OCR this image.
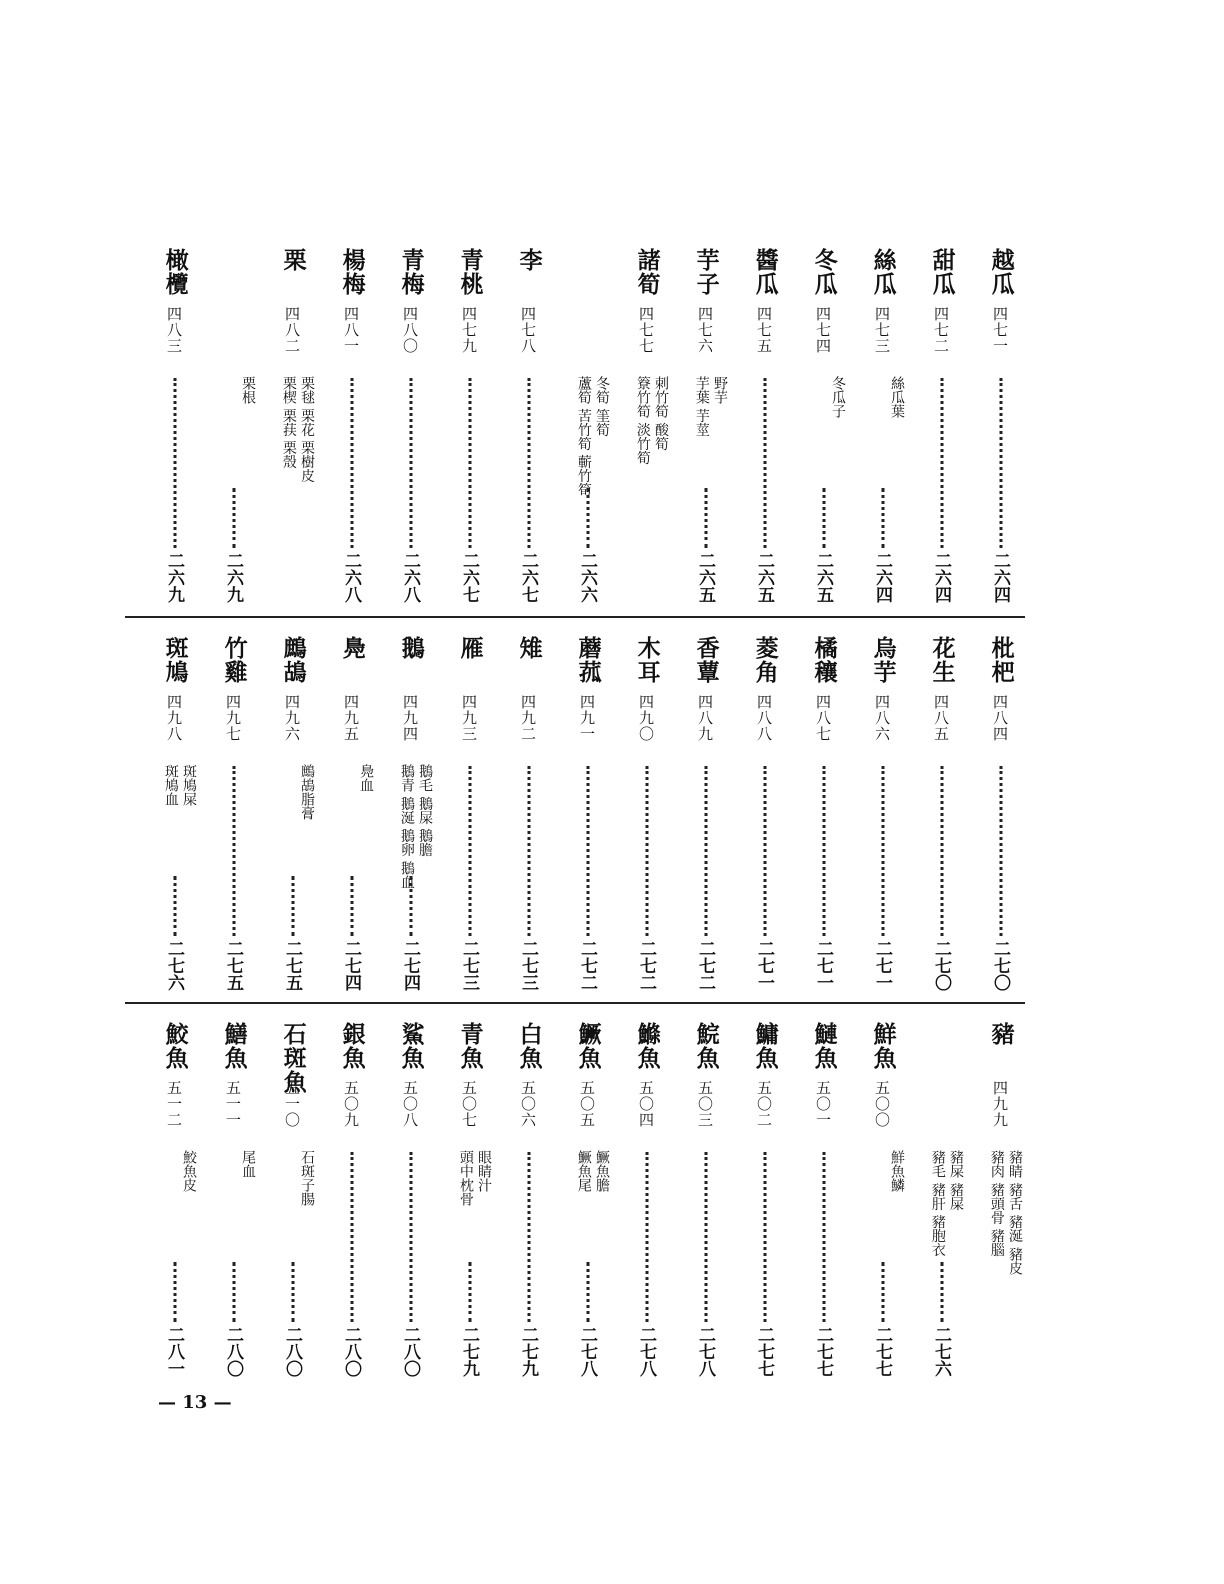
越瓜
四七一
二六四
甜瓜
四七二
二六四
絲瓜
四七三
絲瓜葉
二六四
冬瓜
四七四
冬瓜子
二六五
醬瓜
四七五
二六五
芋子
四七六
芋葉 芋莖 野芋
二六五
諸筍
四七七
簝竹筍 淡竹筍 刺竹筍 酸筍
蘆筍 苦竹筍 蘄竹筍 冬筍 筀筍
二六六
李
四七八
二六七
青桃
四七九
二六七
青梅
四八〇
二六八
楊梅
四八一
二六八
栗
四八二
栗楔 栗荴 栗殼 栗毬 栗花 栗樹皮
栗根
二六九
橄欖
四八三
二六九
枇杷
四八四
二七〇
花生
四八五
二七〇
烏芋
四八六
二七一
橘穰
四八七
二七一
菱角
四八八
二七一
香蕈
四八九
二七二
木耳
四九〇
二七二
蘑菰
四九一
二七二
雉
四九二
二七三
雁
四九三
二七三
鵝
四九四
鵝青 鵝涎 鵝卵 鵝血 鵝毛 鵝屎 鵝膽
二七四
鳧
四九五
鳧血
二七四
鷓鴣
四九六
鷓鴣脂膏
二七五
竹雞
四九七
二七五
斑鳩
四九八
斑鳩血 斑鳩屎
二七六
豬
四九九
豬肉 豬頭骨 豬腦 豬睛 豬舌 豬涎 豬皮
豬毛 豬肝 豬胞衣 豬屎 豬屎
二七六
鮮魚
五〇〇
鮮魚鱗
二七七
鰱魚
五〇一
二七七
鱅魚
五〇二
二七七
鯇魚
五〇三
二七八
鰷魚
五〇四
二七八
鱖魚
五〇五
鱖魚尾 鱖魚膽
二七八
白魚
五〇六
二七九
青魚
五〇七
頭中枕骨 眼睛汁
二七九
鯊魚
五〇八
二八〇
銀魚
五〇九
二八〇
石斑魚
五一〇
石斑子腸
二八〇
鱔魚
五一一
尾血
二八〇
鮫魚
五一二
鮫魚皮
二八一
— 13 —
